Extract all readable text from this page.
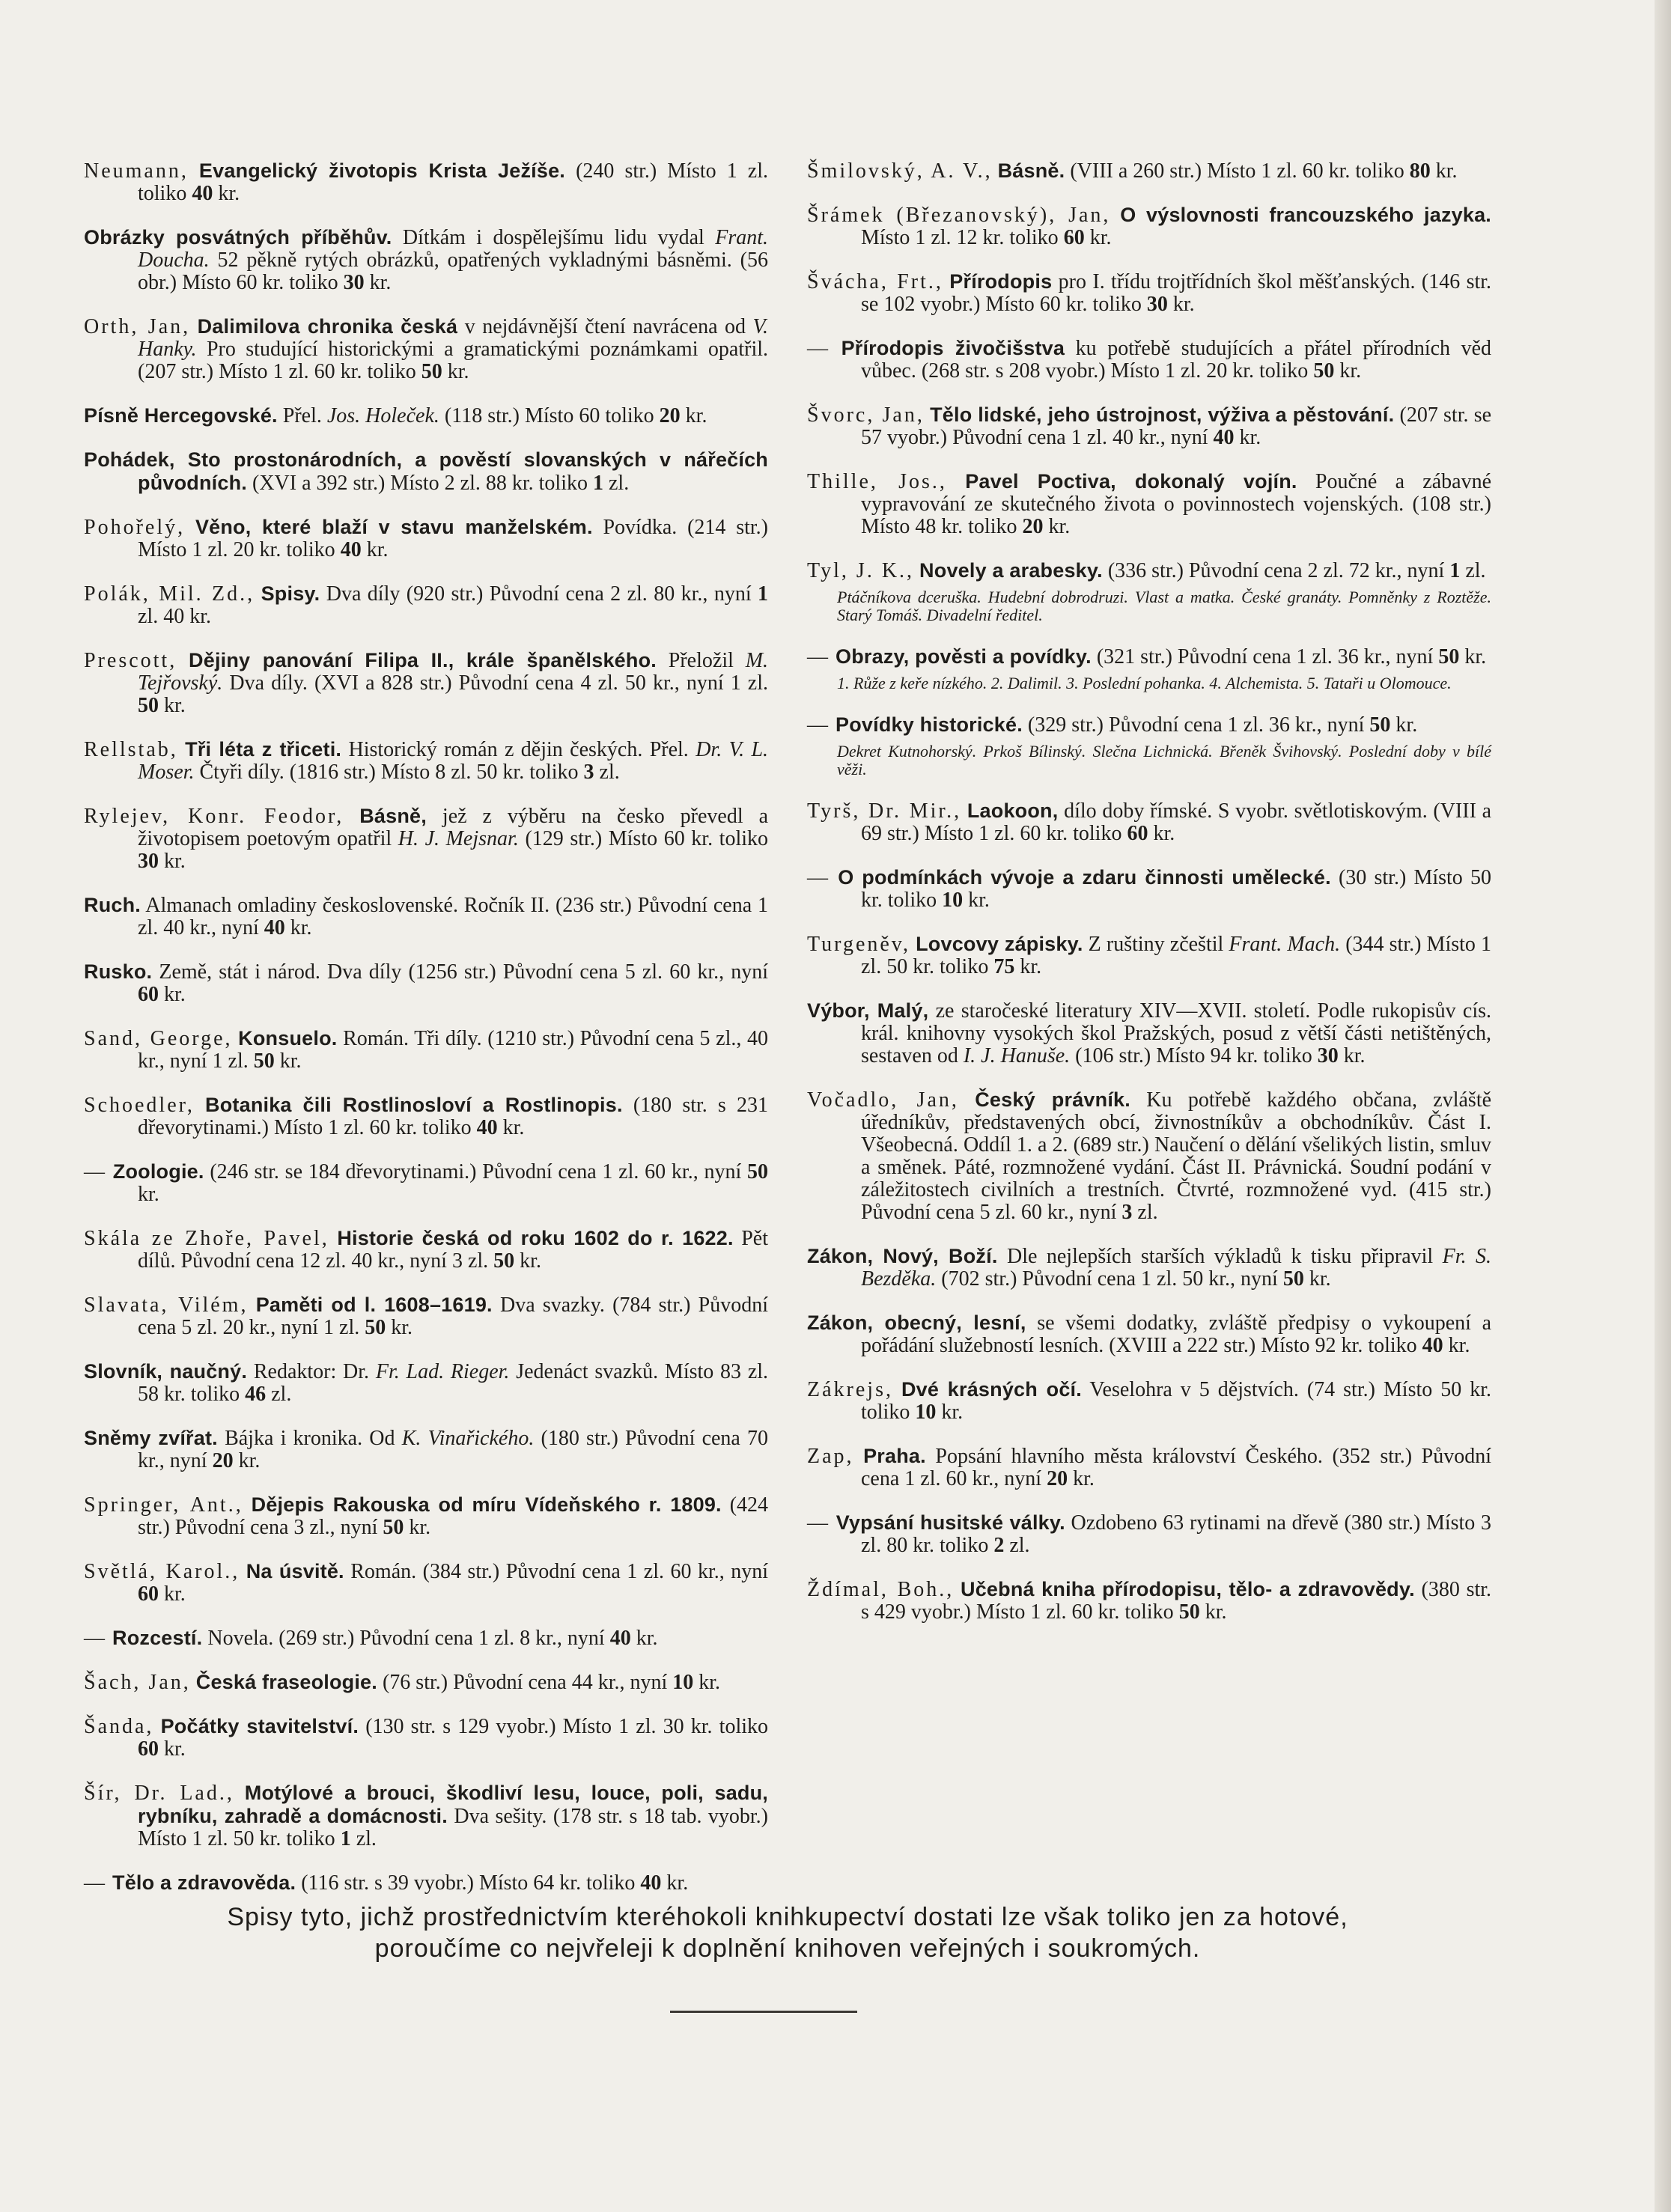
Neumann, Evangelický životopis Krista Ježíše. (240 str.) Místo 1 zl. toliko 40 kr.

Obrázky posvátných příběhův. Dítkám i dospělejšímu lidu vydal Frant. Doucha. 52 pěkně rytých obrázků, opatřených vykladnými básněmi. (56 obr.) Místo 60 kr. toliko 30 kr.

Orth, Jan, Dalimilova chronika česká v nejdávnější čtení navrácena od V. Hanky. Pro studující historickými a gramatickými poznámkami opatřil. (207 str.) Místo 1 zl. 60 kr. toliko 50 kr.

Písně Hercegovské. Přel. Jos. Holeček. (118 str.) Místo 60 toliko 20 kr.

Pohádek, Sto prostonárodních, a pověstí slovanských v nářečích původních. (XVI a 392 str.) Místo 2 zl. 88 kr. toliko 1 zl.

Pohořelý, Věno, které blaží v stavu manželském. Povídka. (214 str.) Místo 1 zl. 20 kr. toliko 40 kr.

Polák, Mil. Zd., Spisy. Dva díly (920 str.) Původní cena 2 zl. 80 kr., nyní 1 zl. 40 kr.

Prescott, Dějiny panování Filipa II., krále španělského. Přeložil M. Tejřovský. Dva díly. (XVI a 828 str.) Původní cena 4 zl. 50 kr., nyní 1 zl. 50 kr.

Rellstab, Tři léta z třiceti. Historický román z dějin českých. Přel. Dr. V. L. Moser. Čtyři díly. (1816 str.) Místo 8 zl. 50 kr. toliko 3 zl.

Rylejev, Konr. Feodor, Básně, jež z výběru na česko převedl a životopisem poetovým opatřil H. J. Mejsnar. (129 str.) Místo 60 kr. toliko 30 kr.

Ruch. Almanach omladiny československé. Ročník II. (236 str.) Původní cena 1 zl. 40 kr., nyní 40 kr.

Rusko. Země, stát i národ. Dva díly (1256 str.) Původní cena 5 zl. 60 kr., nyní 60 kr.

Sand, George, Konsuelo. Román. Tři díly. (1210 str.) Původní cena 5 zl., 40 kr., nyní 1 zl. 50 kr.

Schoedler, Botanika čili Rostlinosloví a Rostlinopis. (180 str. s 231 dřevorytinami.) Místo 1 zl. 60 kr. toliko 40 kr.

— Zoologie. (246 str. se 184 dřevorytinami.) Původní cena 1 zl. 60 kr., nyní 50 kr.

Skála ze Zhoře, Pavel, Historie česká od roku 1602 do r. 1622. Pět dílů. Původní cena 12 zl. 40 kr., nyní 3 zl. 50 kr.

Slavata, Vilém, Paměti od l. 1608–1619. Dva svazky. (784 str.) Původní cena 5 zl. 20 kr., nyní 1 zl. 50 kr.

Slovník, naučný. Redaktor: Dr. Fr. Lad. Rieger. Jedenáct svazků. Místo 83 zl. 58 kr. toliko 46 zl.

Sněmy zvířat. Bájka i kronika. Od K. Vinařického. (180 str.) Původní cena 70 kr., nyní 20 kr.

Springer, Ant., Dějepis Rakouska od míru Vídeňského r. 1809. (424 str.) Původní cena 3 zl., nyní 50 kr.

Světlá, Karol., Na úsvitě. Román. (384 str.) Původní cena 1 zl. 60 kr., nyní 60 kr.

— Rozcestí. Novela. (269 str.) Původní cena 1 zl. 8 kr., nyní 40 kr.

Šach, Jan, Česká fraseologie. (76 str.) Původní cena 44 kr., nyní 10 kr.

Šanda, Počátky stavitelství. (130 str. s 129 vyobr.) Místo 1 zl. 30 kr. toliko 60 kr.

Šír, Dr. Lad., Motýlové a brouci, škodliví lesu, louce, poli, sadu, rybníku, zahradě a domácnosti. Dva sešity. (178 str. s 18 tab. vyobr.) Místo 1 zl. 50 kr. toliko 1 zl.

— Tělo a zdravověda. (116 str. s 39 vyobr.) Místo 64 kr. toliko 40 kr.

Šmilovský, A. V., Básně. (VIII a 260 str.) Místo 1 zl. 60 kr. toliko 80 kr.

Šrámek (Březanovský), Jan, O výslovnosti francouzského jazyka. Místo 1 zl. 12 kr. toliko 60 kr.

Švácha, Frt., Přírodopis pro I. třídu trojtřídních škol měšťanských. (146 str. se 102 vyobr.) Místo 60 kr. toliko 30 kr.

— Přírodopis živočišstva ku potřebě studujících a přátel přírodních věd vůbec. (268 str. s 208 vyobr.) Místo 1 zl. 20 kr. toliko 50 kr.

Švorc, Jan, Tělo lidské, jeho ústrojnost, výživa a pěstování. (207 str. se 57 vyobr.) Původní cena 1 zl. 40 kr., nyní 40 kr.

Thille, Jos., Pavel Poctiva, dokonalý vojín. Poučné a zábavné vypravování ze skutečného života o povinnostech vojenských. (108 str.) Místo 48 kr. toliko 20 kr.

Tyl, J. K., Novely a arabesky. (336 str.) Původní cena 2 zl. 72 kr., nyní 1 zl.

Ptáčníkova dceruška. Hudební dobrodruzi. Vlast a matka. České granáty. Pomněnky z Roztěže. Starý Tomáš. Divadelní ředitel.

— Obrazy, pověsti a povídky. (321 str.) Původní cena 1 zl. 36 kr., nyní 50 kr.

1. Růže z keře nízkého. 2. Dalimil. 3. Poslední pohanka. 4. Alchemista. 5. Tataři u Olomouce.

— Povídky historické. (329 str.) Původní cena 1 zl. 36 kr., nyní 50 kr.

Dekret Kutnohorský. Prkoš Bílinský. Slečna Lichnická. Břeněk Švihovský. Poslední doby v bílé věži.

Tyrš, Dr. Mir., Laokoon, dílo doby římské. S vyobr. světlotiskovým. (VIII a 69 str.) Místo 1 zl. 60 kr. toliko 60 kr.

— O podmínkách vývoje a zdaru činnosti umělecké. (30 str.) Místo 50 kr. toliko 10 kr.

Turgeněv, Lovcovy zápisky. Z ruštiny zčeštil Frant. Mach. (344 str.) Místo 1 zl. 50 kr. toliko 75 kr.

Výbor, Malý, ze staročeské literatury XIV—XVII. století. Podle rukopisův cís. král. knihovny vysokých škol Pražských, posud z větší části netištěných, sestaven od I. J. Hanuše. (106 str.) Místo 94 kr. toliko 30 kr.

Vočadlo, Jan, Český právník. Ku potřebě každého občana, zvláště úředníkův, představených obcí, živnostníkův a obchodníkův. Část I. Všeobecná. Oddíl 1. a 2. (689 str.) Naučení o dělání všelikých listin, smluv a směnek. Páté, rozmnožené vydání. Část II. Právnická. Soudní podání v záležitostech civilních a trestních. Čtvrté, rozmnožené vyd. (415 str.) Původní cena 5 zl. 60 kr., nyní 3 zl.

Zákon, Nový, Boží. Dle nejlepších starších výkladů k tisku připravil Fr. S. Bezděka. (702 str.) Původní cena 1 zl. 50 kr., nyní 50 kr.

Zákon, obecný, lesní, se všemi dodatky, zvláště předpisy o vykoupení a pořádání služebností lesních. (XVIII a 222 str.) Místo 92 kr. toliko 40 kr.

Zákrejs, Dvé krásných očí. Veselohra v 5 dějstvích. (74 str.) Místo 50 kr. toliko 10 kr.

Zap, Praha. Popsání hlavního města království Českého. (352 str.) Původní cena 1 zl. 60 kr., nyní 20 kr.

— Vypsání husitské války. Ozdobeno 63 rytinami na dřevě (380 str.) Místo 3 zl. 80 kr. toliko 2 zl.

Ždímal, Boh., Učebná kniha přírodopisu, tělo- a zdravovědy. (380 str. s 429 vyobr.) Místo 1 zl. 60 kr. toliko 50 kr.

Spisy tyto, jichž prostřednictvím kteréhokoli knihkupectví dostati lze však toliko jen za hotové,
poroučíme co nejvřeleji k doplnění knihoven veřejných i soukromých.
